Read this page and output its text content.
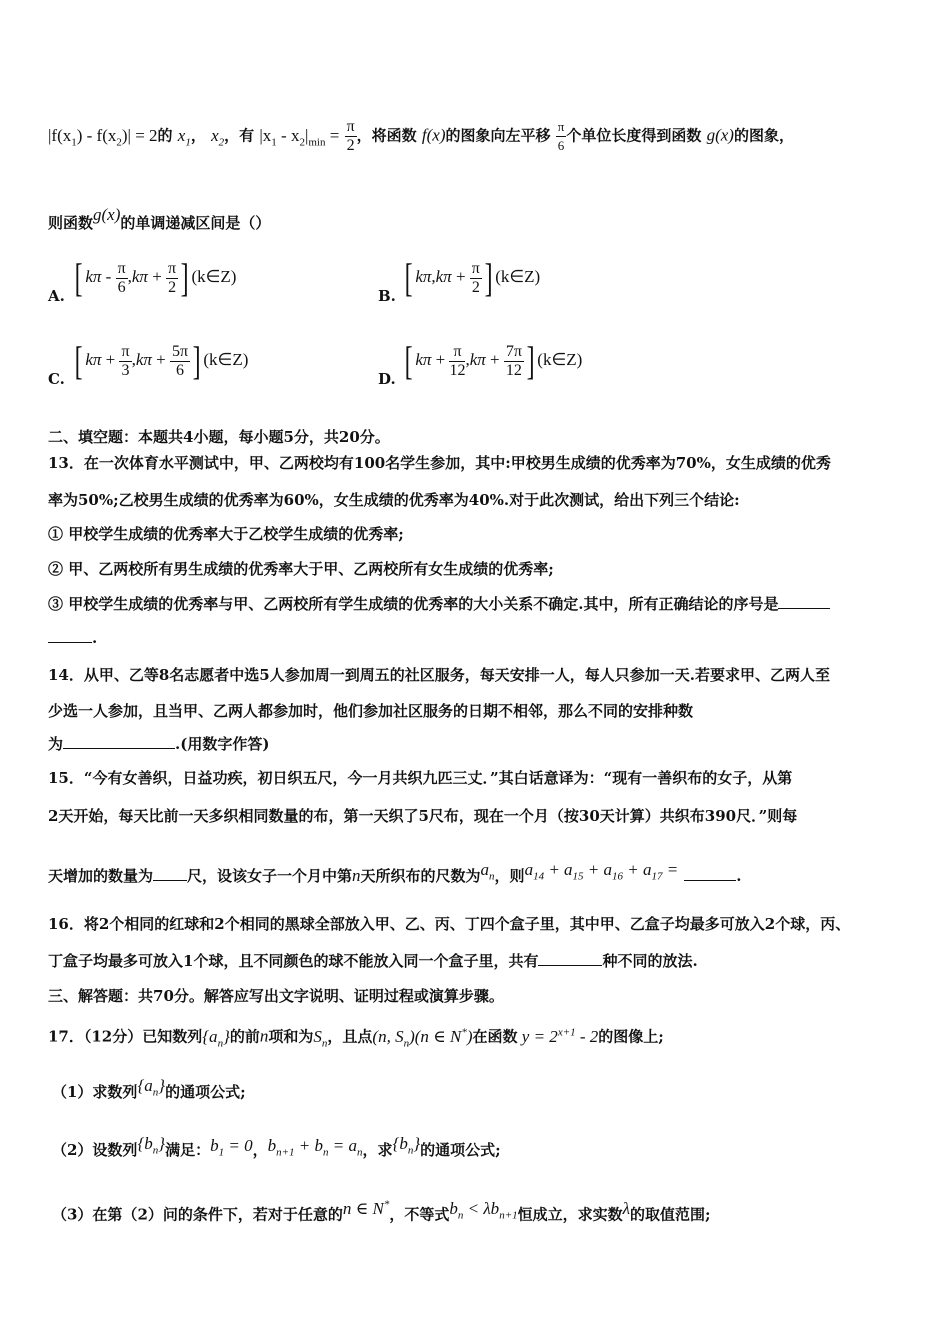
$|f(x_1) - f(x_2)| = 2$的 $x_1$， $x_2$，有 $|x_1 - x_2|_{min} = \frac{\pi}{2}$ ，将函数 f(x)的图象向左平移 $\frac{\pi}{6}$ 个单位长度得到函数 g(x)的图象，
则函数g(x)的单调递减区间是（）
A. [ $k\pi - \frac{\pi}{6} ,k\pi + \frac{\pi}{2}$ ] (k∈Z)
B. [ $k\pi,k\pi + \frac{\pi}{2}$ ] (k∈Z)
C. [ $k\pi + \frac{\pi}{3} ,k\pi + \frac{5\pi}{6}$ ] (k∈Z)
D. [ $k\pi + \frac{\pi}{12} ,k\pi + \frac{7\pi}{12}$ ] (k∈Z)
二、填空题：本题共4小题，每小题5分，共20分。
13．在一次体育水平测试中，甲、乙两校均有100名学生参加，其中:甲校男生成绩的优秀率为70%，女生成绩的优秀
率为50%;乙校男生成绩的优秀率为60%，女生成绩的优秀率为40%.对于此次测试，给出下列三个结论:
① 甲校学生成绩的优秀率大于乙校学生成绩的优秀率;
② 甲、乙两校所有男生成绩的优秀率大于甲、乙两校所有女生成绩的优秀率;
③ 甲校学生成绩的优秀率与甲、乙两校所有学生成绩的优秀率的大小关系不确定.其中，所有正确结论的序号是
.
14．从甲、乙等8名志愿者中选5人参加周一到周五的社区服务，每天安排一人，每人只参加一天.若要求甲、乙两人至
少选一人参加，且当甲、乙两人都参加时，他们参加社区服务的日期不相邻，那么不同的安排种数
为	.(用数字作答)
15．“今有女善织，日益功疾，初日织五尺，今一月共织九匹三丈．”其白话意译为：“现有一善织布的女子，从第
2天开始，每天比前一天多织相同数量的布，第一天织了5尺布，现在一个月（按30天计算）共织布390尺．”则每
天增加的数量为 尺，设该女子一个月中第n天所织布的尺数为$a_n$，则$a_{14} + a_{15} + a_{16} + a_{17}$ =	.
16．将2个相同的红球和2个相同的黑球全部放入甲、乙、丙、丁四个盒子里，其中甲、乙盒子均最多可放入2个球，丙、
丁盒子均最多可放入1个球，且不同颜色的球不能放入同一个盒子里，共有	种不同的放法.
三、解答题：共70分。解答应写出文字说明、证明过程或演算步骤。
17．（12分）已知数列$\{a_n\}$的前n项和为$S_n$，且点(n, $S_n)(n$ ∈ N*)在函数 $y = 2^{x+1} - 2$的图像上;
（1）求数列$\{a_n\}$的通项公式;
（2）设数列$\{b_n\}$满足：$b_1 = 0$，$b_{n+1} + b_n = a_n$，求$\{b_n\}$的通项公式;
（3）在第（2）问的条件下，若对于任意的n ∈ N*，不等式$b_n < \lambda b_{n+1}$恒成立，求实数λ的取值范围;
